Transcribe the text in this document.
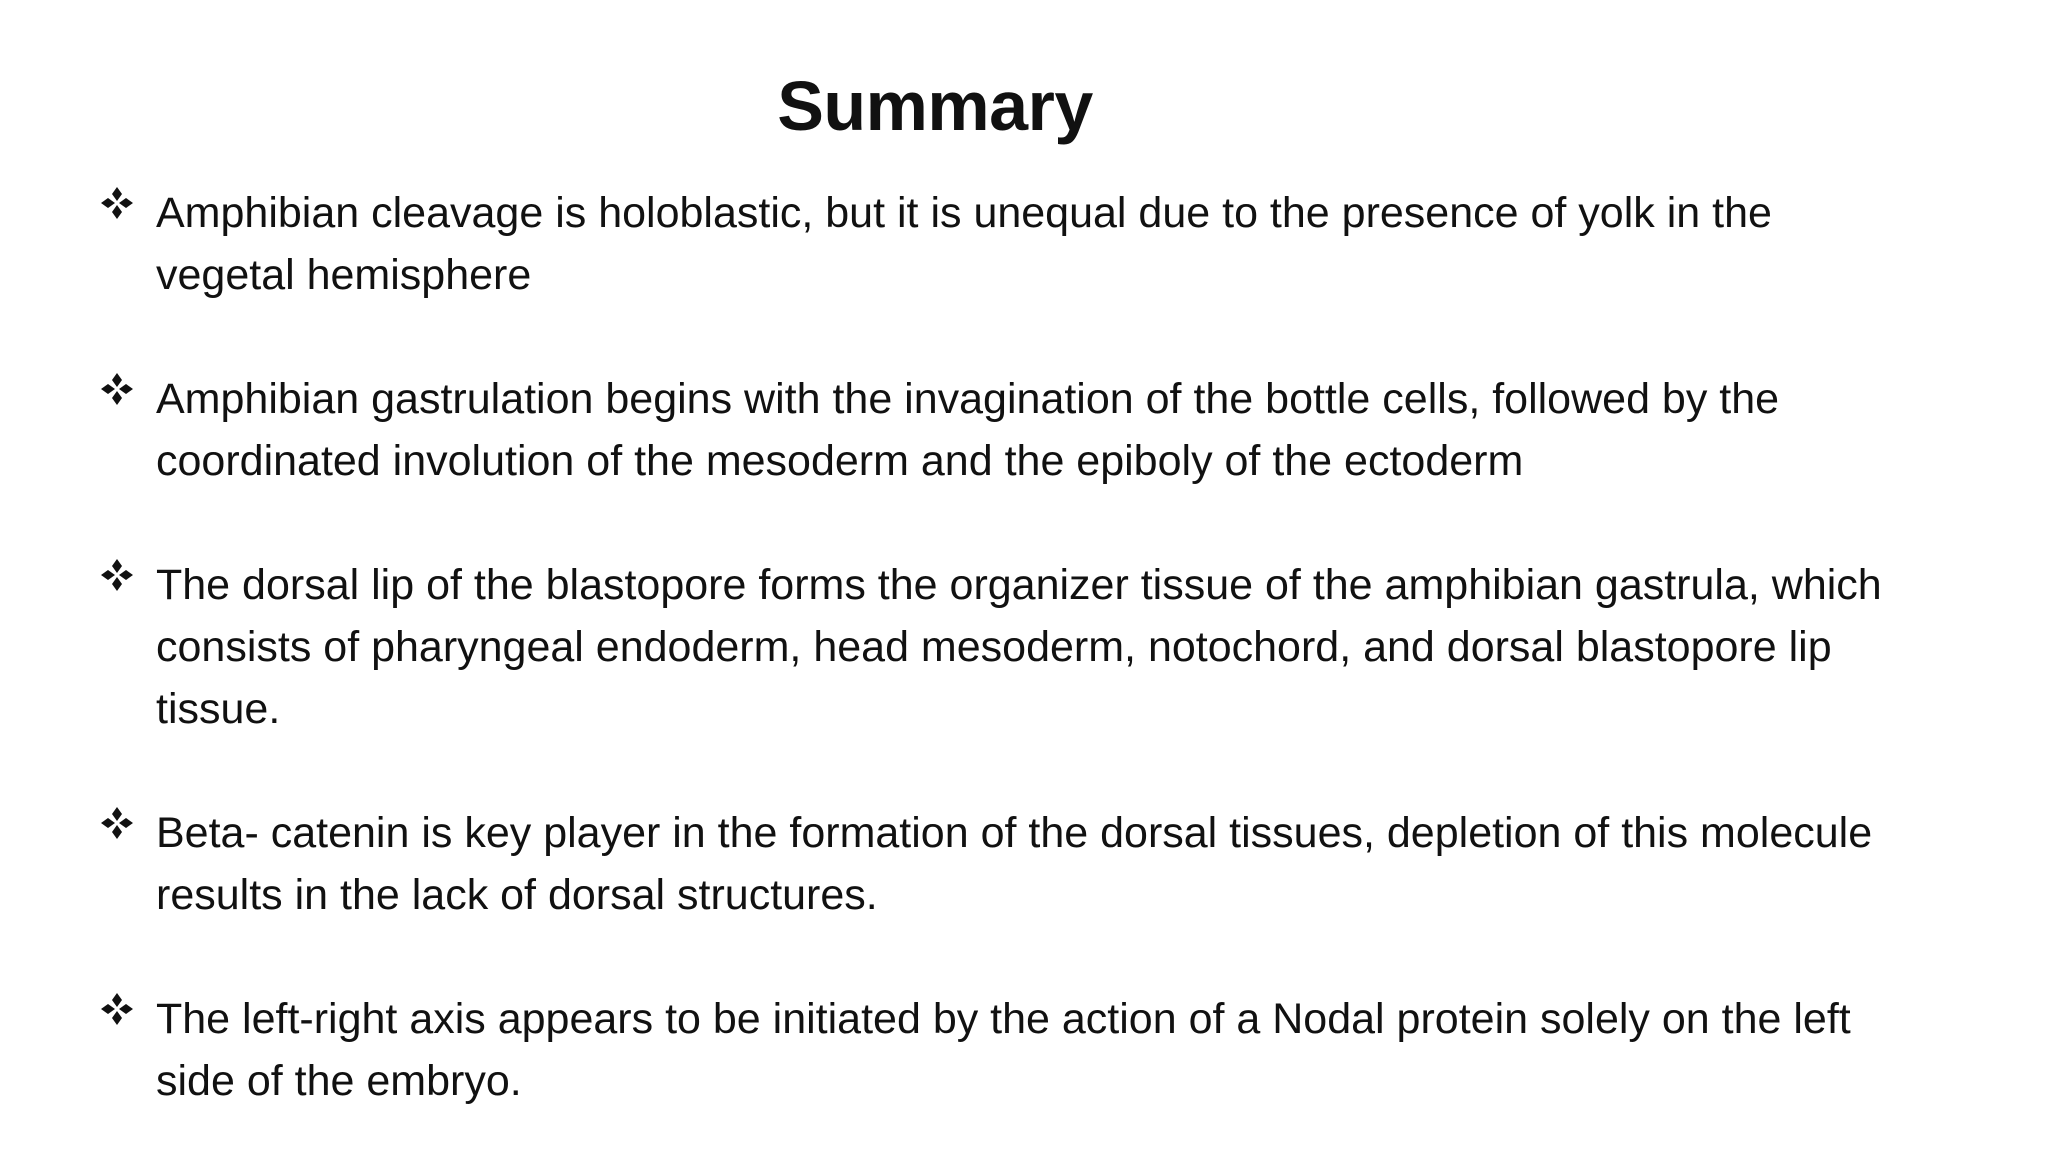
Summary
Amphibian cleavage is holoblastic, but it is unequal due to the presence of yolk in the vegetal hemisphere
Amphibian gastrulation begins with the invagination of the bottle cells, followed by the coordinated involution of the mesoderm and the epiboly of the ectoderm
The dorsal lip of the blastopore forms the organizer tissue of the amphibian gastrula, which consists of pharyngeal endoderm, head mesoderm, notochord, and dorsal blastopore lip tissue.
Beta- catenin is key player in the formation of the dorsal tissues, depletion of this molecule results in the lack of dorsal structures.
The left-right axis appears to be initiated by the action of a Nodal protein solely on the left side of the embryo.
